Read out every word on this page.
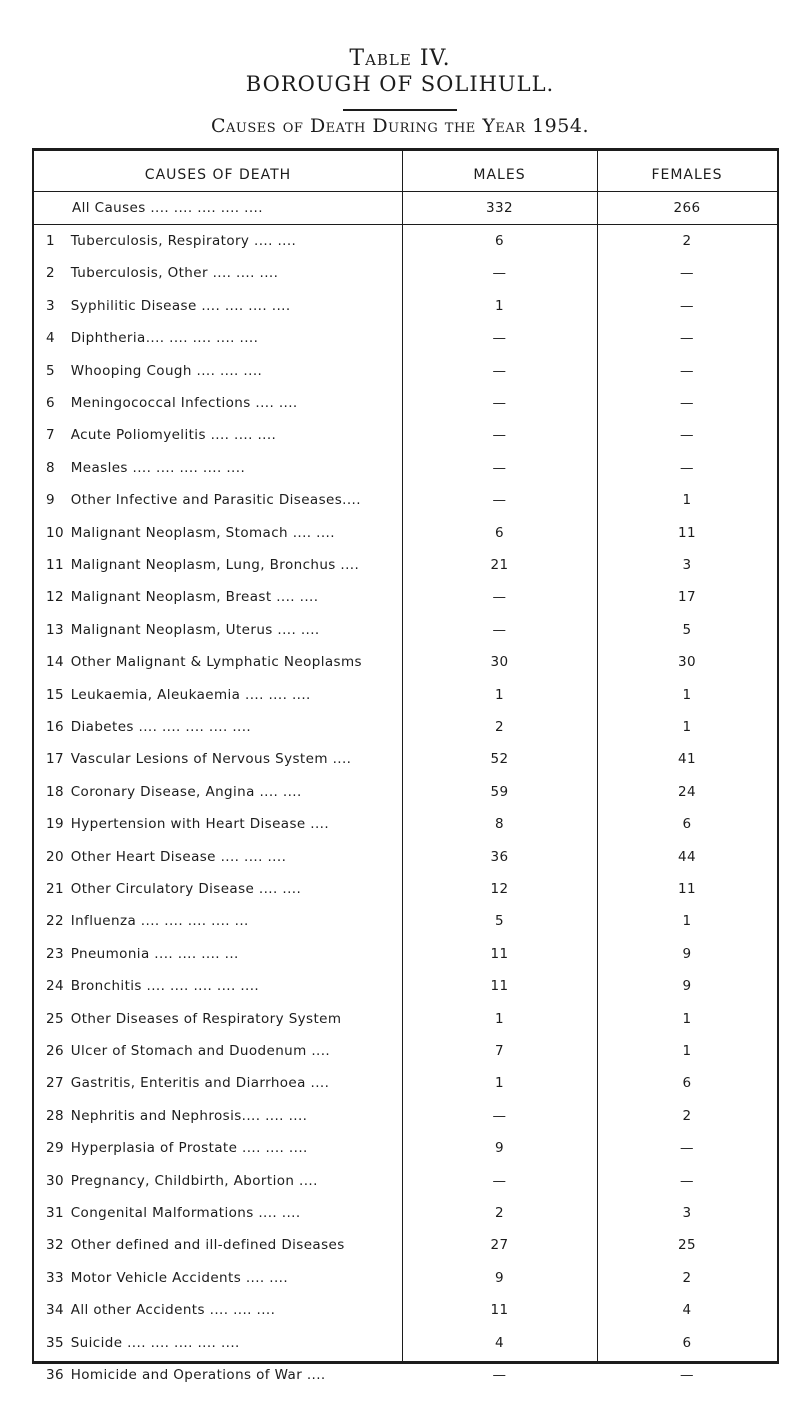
Table IV.
BOROUGH OF SOLIHULL.
Causes of Death During the Year 1954.
CAUSES OF DEATH	MALES	FEMALES
All Causes .... .... .... .... ....	332	266
1 Tuberculosis, Respiratory .... ....	6	2
2 Tuberculosis, Other .... .... ....	—	—
3 Syphilitic Disease .... .... .... ....	1	—
4 Diphtheria.... .... .... .... ....	—	—
5 Whooping Cough .... .... ....	—	—
6 Meningococcal Infections .... ....	—	—
7 Acute Poliomyelitis .... .... ....	—	—
8 Measles .... .... .... .... ....	—	—
9 Other Infective and Parasitic Diseases....	—	1
10 Malignant Neoplasm, Stomach .... ....	6	11
11 Malignant Neoplasm, Lung, Bronchus ....	21	3
12 Malignant Neoplasm, Breast .... ....	—	17
13 Malignant Neoplasm, Uterus .... ....	—	5
14 Other Malignant & Lymphatic Neoplasms	30	30
15 Leukaemia, Aleukaemia .... .... ....	1	1
16 Diabetes .... .... .... .... ....	2	1
17 Vascular Lesions of Nervous System ....	52	41
18 Coronary Disease, Angina .... ....	59	24
19 Hypertension with Heart Disease ....	8	6
20 Other Heart Disease .... .... ....	36	44
21 Other Circulatory Disease .... ....	12	11
22 Influenza .... .... .... .... ...	5	1
23 Pneumonia .... .... .... ...	11	9
24 Bronchitis .... .... .... .... ....	11	9
25 Other Diseases of Respiratory System	1	1
26 Ulcer of Stomach and Duodenum ....	7	1
27 Gastritis, Enteritis and Diarrhoea ....	1	6
28 Nephritis and Nephrosis.... .... ....	—	2
29 Hyperplasia of Prostate .... .... ....	9	—
30 Pregnancy, Childbirth, Abortion ....	—	—
31 Congenital Malformations .... ....	2	3
32 Other defined and ill-defined Diseases	27	25
33 Motor Vehicle Accidents .... ....	9	2
34 All other Accidents .... .... ....	11	4
35 Suicide .... .... .... .... ....	4	6
36 Homicide and Operations of War ....	—	—
